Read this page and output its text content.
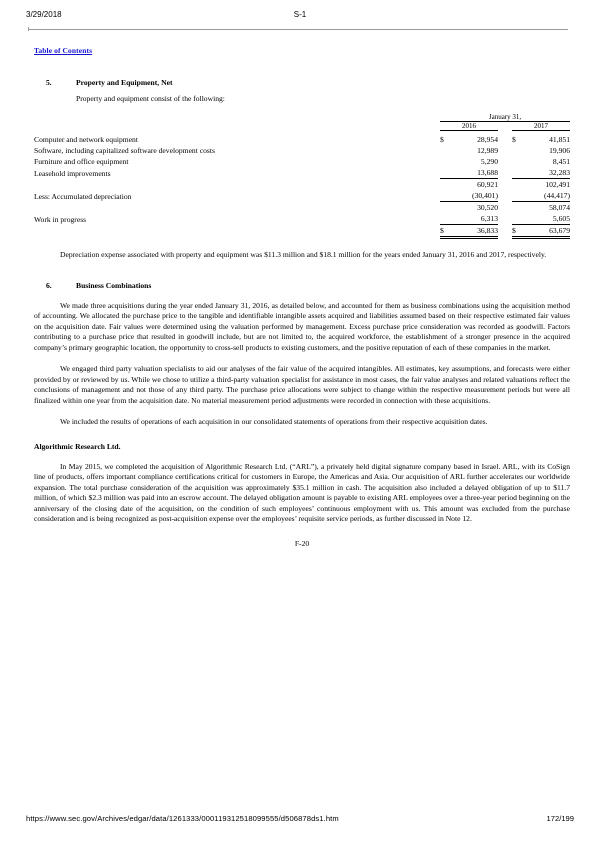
3/29/2018	S-1
Table of Contents
5.	Property and Equipment, Net
Property and equipment consist of the following:
		January 31,				
		2016			2017	

Computer and network equipment		$	28,954		$	41,851
Software, including capitalized software development costs			12,989			19,906
Furniture and office equipment			5,290			8,451
Leasehold improvements			13,688			32,283
			60,921			102,491
Less: Accumulated depreciation			(30,401)			(44,417)
			30,520			58,074
Work in progress			6,313			5,605
		$	36,833		$	63,679

Depreciation expense associated with property and equipment was $11.3 million and $18.1 million for the years ended January 31, 2016 and 2017, respectively.

6.	Business Combinations

We made three acquisitions during the year ended January 31, 2016, as detailed below, and accounted for them as business combinations using the acquisition method of accounting. We allocated the purchase price to the tangible and identifiable intangible assets acquired and liabilities assumed based on their respective estimated fair values on the acquisition date. Fair values were determined using the valuation performed by management. Excess purchase price consideration was recorded as goodwill. Factors contributing to a purchase price that resulted in goodwill include, but are not limited to, the acquired workforce, the establishment of a stronger presence in the acquired company’s primary geographic location, the opportunity to cross-sell products to existing customers, and the positive reputation of each of these companies in the market.

We engaged third party valuation specialists to aid our analyses of the fair value of the acquired intangibles. All estimates, key assumptions, and forecasts were either provided by or reviewed by us. While we chose to utilize a third-party valuation specialist for assistance in most cases, the fair value analyses and related valuations reflect the conclusions of management and not those of any third party. The purchase price allocations were subject to change within the respective measurement periods but were all finalized within one year from the acquisition date. No material measurement period adjustments were recorded in connection with these acquisitions.

We included the results of operations of each acquisition in our consolidated statements of operations from their respective acquisition dates.

Algorithmic Research Ltd.

In May 2015, we completed the acquisition of Algorithmic Research Ltd. (“ARL”), a privately held digital signature company based in Israel. ARL, with its CoSign line of products, offers important compliance certifications critical for customers in Europe, the Americas and Asia. Our acquisition of ARL further accelerates our worldwide expansion. The total purchase consideration of the acquisition was approximately $35.1 million in cash. The acquisition also included a delayed obligation of up to $11.7 million, of which $2.3 million was paid into an escrow account. The delayed obligation amount is payable to existing ARL employees over a three-year period beginning on the anniversary of the closing date of the acquisition, on the condition of such employees’ continuous employment with us. This amount was excluded from the purchase consideration and is being recognized as post-acquisition expense over the employees’ requisite service periods, as further discussed in Note 12.

F-20
https://www.sec.gov/Archives/edgar/data/1261333/000119312518099555/d506878ds1.htm	172/199
